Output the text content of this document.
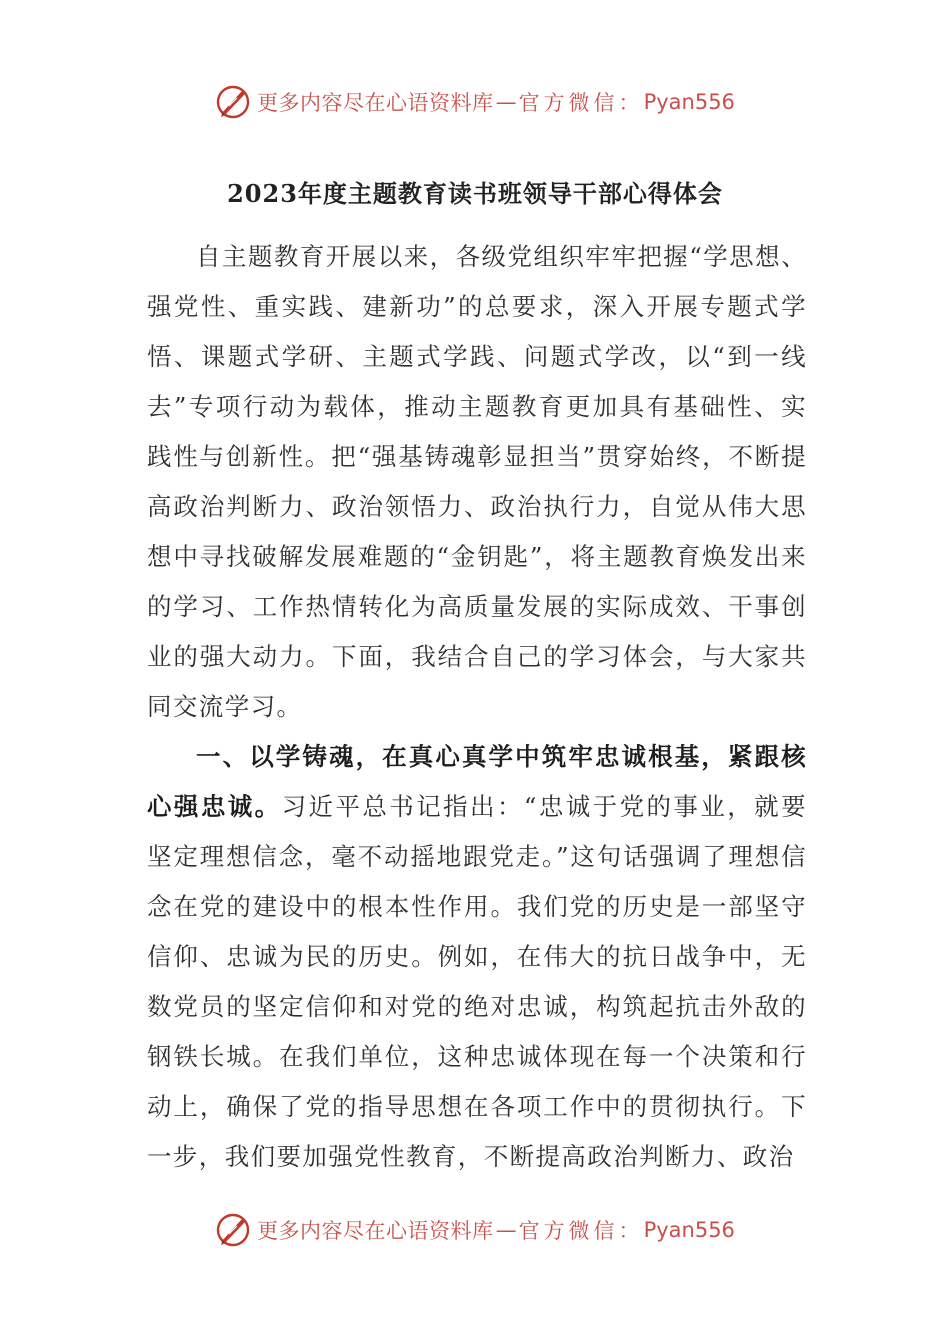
更多内容尽在心语资料库 — 官方微信： Pyan556
2023年度主题教育读书班领导干部心得体会

自主题教育开展以来，各级党组织牢牢把握“学思想、强党性、重实践、建新功”的总要求，深入开展专题式学悟、课题式学研、主题式学践、问题式学改，以“到一线去”专项行动为载体，推动主题教育更加具有基础性、实践性与创新性。把“强基铸魂彰显担当”贯穿始终，不断提高政治判断力、政治领悟力、政治执行力，自觉从伟大思想中寻找破解发展难题的“金钥匙”，将主题教育焕发出来的学习、工作热情转化为高质量发展的实际成效、干事创业的强大动力。下面，我结合自己的学习体会，与大家共同交流学习。

一、以学铸魂，在真心真学中筑牢忠诚根基，紧跟核心强忠诚。习近平总书记指出：“忠诚于党的事业，就要坚定理想信念，毫不动摇地跟党走。”这句话强调了理想信念在党的建设中的根本性作用。我们党的历史是一部坚守信仰、忠诚为民的历史。例如，在伟大的抗日战争中，无数党员的坚定信仰和对党的绝对忠诚，构筑起抗击外敌的钢铁长城。在我们单位，这种忠诚体现在每一个决策和行动上，确保了党的指导思想在各项工作中的贯彻执行。下一步，我们要加强党性教育，不断提高政治判断力、政治

更多内容尽在心语资料库 — 官方微信： Pyan556
